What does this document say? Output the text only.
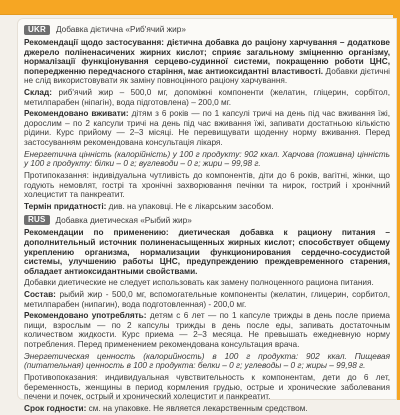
UKR	Добавка дієтична «Риб'ячий жир»

Рекомендації щодо застосування: дієтична добавка до раціону харчування – додаткове джерело поліненасичених жирних кислот; сприяє загальному зміцненню організму, нормалізації функціонування серцево-судинної системи, покращенню роботи ЦНС, попередженню передчасного старіння, має антиоксидантні властивості. Добавки дієтичні не слід використовувати як заміну повноцінного раціону харчування.

Склад: риб'ячий жир – 500,0 мг, допоміжні компоненти (желатин, гліцерин, сорбітол, метилпарабен (ніпагін), вода підготовлена) – 200,0 мг.

Рекомендовано вживати: дітям з 6 років — по 1 капсулі тричі на день під час вживання їжі, дорослим – по 2 капсули тричі на день під час вживання їжі, запивати достатньою кількістю рідини. Курс прийому — 2–3 місяці. Не перевищувати щоденну норму вживання. Перед застосуванням рекомендована консультація лікаря.

Енергетична цінність (калорійність) у 100 г продукту: 902 ккал. Харчова (поживна) цінність у 100 г продукту: білки – 0 г; вуглеводи – 0 г; жири – 99,98 г.

Протипоказання: індивідуальна чутливість до компонентів, діти до 6 років, вагітні, жінки, що годують немовлят, гострі та хронічні захворювання печінки та нирок, гострий і хронічний холецистит та панкреатит.

Термін придатності: див. на упаковці. Не є лікарським засобом.

RUS	Добавка диетическая «Рыбий жир»

Рекомендации по применению: диетическая добавка к рациону питания – дополнительный источник полиненасыщенных жирных кислот; способствует общему укреплению организма, нормализации функционирования сердечно-сосудистой системы, улучшению работы ЦНС, предупреждению преждевременного старения, обладает антиоксидантными свойствами.

Добавки диетические не следует использовать как замену полноценного рациона питания.

Состав: рыбий жир - 500,0 мг, вспомогательные компоненты (желатин, глицерин, сорбитол, метилпарабен (нипагин), вода подготовленная) - 200,0 мг.

Рекомендовано употреблять: детям с 6 лет — по 1 капсуле трижды в день после приема пищи, взрослым — по 2 капсулы трижды в день после еды, запивать достаточным количеством жидкости. Курс приема — 2–3 месяца. Не превышать ежедневную норму потребления. Перед применением рекомендована консультация врача.

Энергетическая ценность (калорийность) в 100 г продукта: 902 ккал. Пищевая (питательная) ценность в 100 г продукта: белки – 0 г; углеводы – 0 г; жиры – 99,98 г.

Противопоказания: индивидуальная чувствительность к компонентам, дети до 6 лет, беременность, женщины в период кормления грудью, острые и хронические заболевания печени и почек, острый и хронический холецистит и панкреатит.

Срок годности: см. на упаковке. Не является лекарственным средством.
